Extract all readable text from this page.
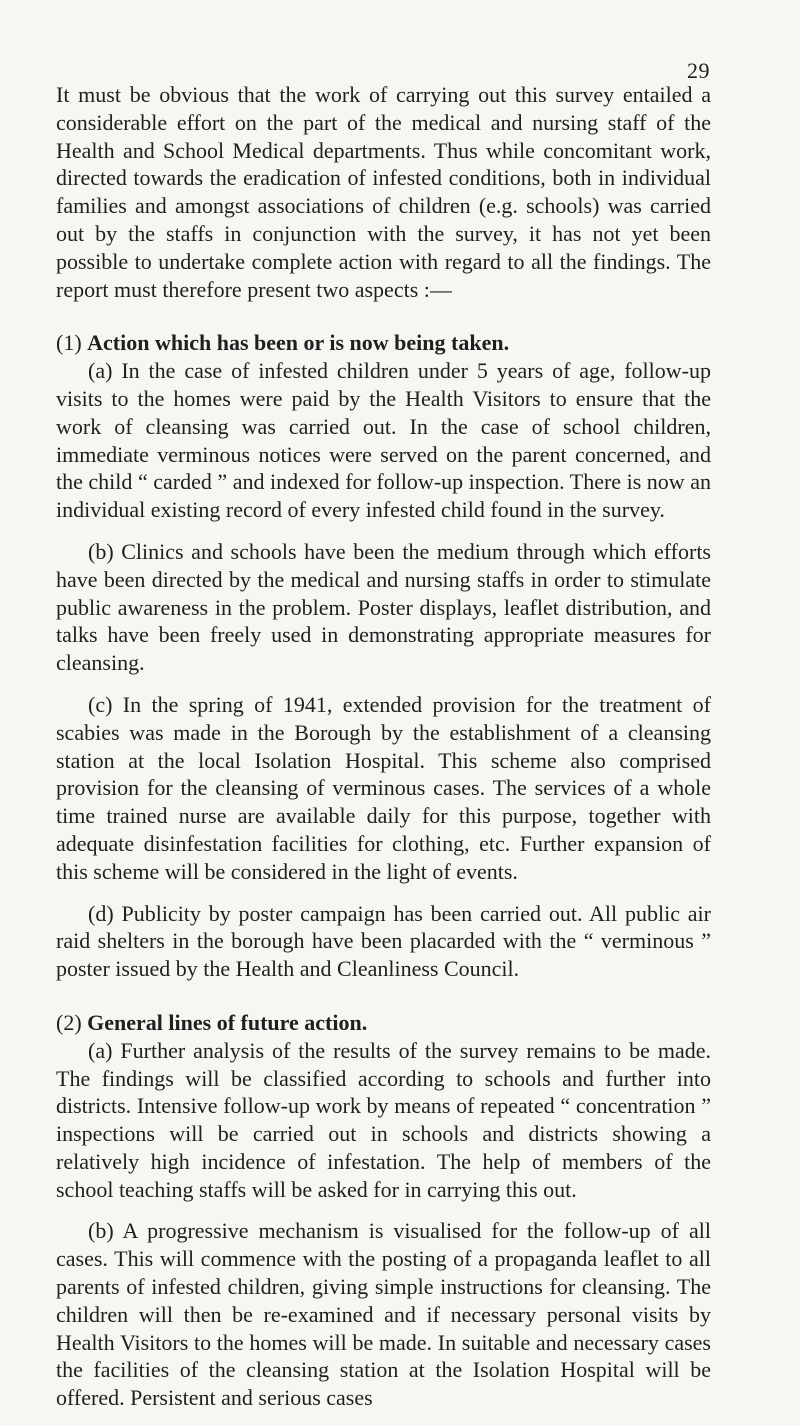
29

It must be obvious that the work of carrying out this survey entailed a considerable effort on the part of the medical and nursing staff of the Health and School Medical departments. Thus while concomitant work, directed towards the eradication of infested conditions, both in individual families and amongst associations of children (e.g. schools) was carried out by the staffs in conjunction with the survey, it has not yet been possible to undertake complete action with regard to all the findings. The report must therefore present two aspects :—

(1) Action which has been or is now being taken.

(a) In the case of infested children under 5 years of age, follow-up visits to the homes were paid by the Health Visitors to ensure that the work of cleansing was carried out. In the case of school children, immediate verminous notices were served on the parent concerned, and the child “ carded ” and indexed for follow-up inspection. There is now an individual existing record of every infested child found in the survey.

(b) Clinics and schools have been the medium through which efforts have been directed by the medical and nursing staffs in order to stimulate public awareness in the problem. Poster displays, leaflet distribution, and talks have been freely used in demonstrating appropriate measures for cleansing.

(c) In the spring of 1941, extended provision for the treatment of scabies was made in the Borough by the establishment of a cleansing station at the local Isolation Hospital. This scheme also comprised provision for the cleansing of verminous cases. The services of a whole time trained nurse are available daily for this purpose, together with adequate disinfestation facilities for clothing, etc. Further expansion of this scheme will be considered in the light of events.

(d) Publicity by poster campaign has been carried out. All public air raid shelters in the borough have been placarded with the “ verminous ” poster issued by the Health and Cleanliness Council.

(2) General lines of future action.

(a) Further analysis of the results of the survey remains to be made. The findings will be classified according to schools and further into districts. Intensive follow-up work by means of repeated “ concentration ” inspections will be carried out in schools and districts showing a relatively high incidence of infestation. The help of members of the school teaching staffs will be asked for in carrying this out.

(b) A progressive mechanism is visualised for the follow-up of all cases. This will commence with the posting of a propaganda leaflet to all parents of infested children, giving simple instructions for cleansing. The children will then be re-examined and if necessary personal visits by Health Visitors to the homes will be made. In suitable and necessary cases the facilities of the cleansing station at the Isolation Hospital will be offered. Persistent and serious cases
